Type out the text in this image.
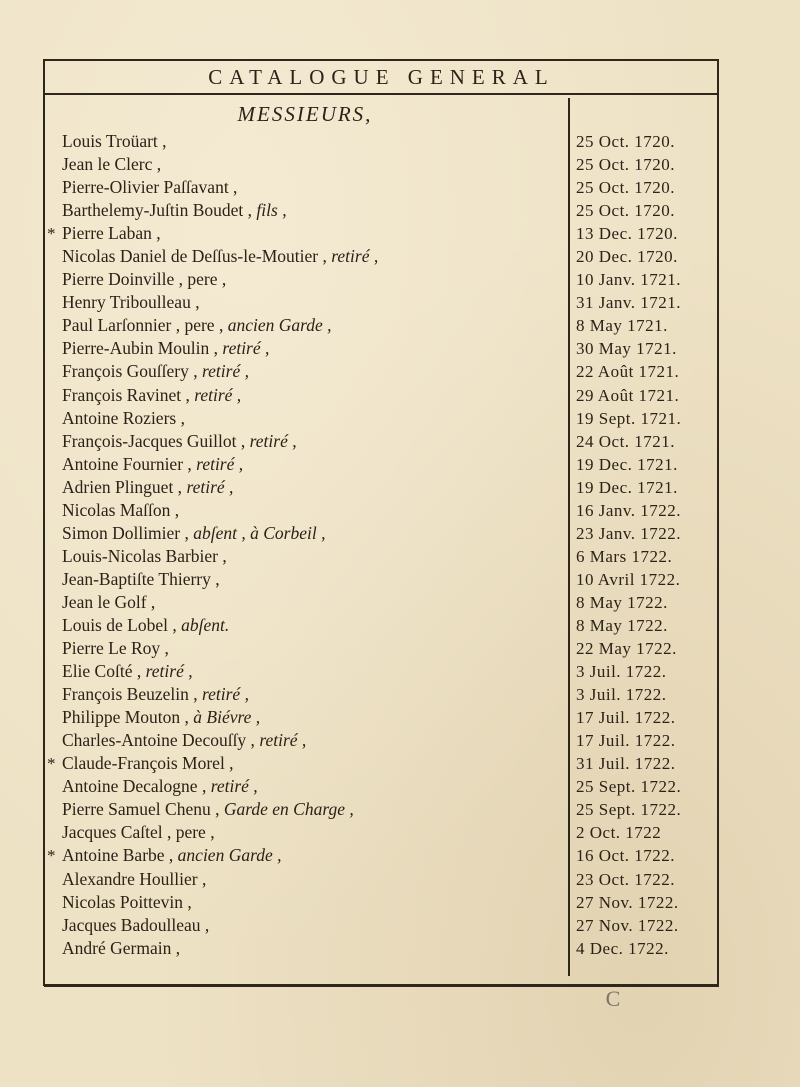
CATALOGUE GENERAL
MESSIEURS,
Louis Troüart ,	25 Oct. 1720.
Jean le Clerc ,	25 Oct. 1720.
Pierre-Olivier Paſſavant ,	25 Oct. 1720.
Barthelemy-Juſtin Boudet , fils ,	25 Oct. 1720.
* Pierre Laban ,	13 Dec. 1720.
Nicolas Daniel de Deſſus-le-Moutier , retiré ,	20 Dec. 1720.
Pierre Doinville , pere ,	10 Janv. 1721.
Henry Triboulleau ,	31 Janv. 1721.
Paul Larſonnier , pere , ancien Garde ,	8 May 1721.
Pierre-Aubin Moulin , retiré ,	30 May 1721.
François Gouſſery , retiré ,	22 Août 1721.
François Ravinet , retiré ,	29 Août 1721.
Antoine Roziers ,	19 Sept. 1721.
François-Jacques Guillot , retiré ,	24 Oct. 1721.
Antoine Fournier , retiré ,	19 Dec. 1721.
Adrien Plinguet , retiré ,	19 Dec. 1721.
Nicolas Maſſon ,	16 Janv. 1722.
Simon Dollimier , abſent , à Corbeil ,	23 Janv. 1722.
Louis-Nicolas Barbier ,	6 Mars 1722.
Jean-Baptiſte Thierry ,	10 Avril 1722.
Jean le Golf ,	8 May 1722.
Louis de Lobel , abſent.	8 May 1722.
Pierre Le Roy ,	22 May 1722.
Elie Coſté , retiré ,	3 Juil. 1722.
François Beuzelin , retiré ,	3 Juil. 1722.
Philippe Mouton , à Biévre ,	17 Juil. 1722.
Charles-Antoine Decouſſy , retiré ,	17 Juil. 1722.
* Claude-François Morel ,	31 Juil. 1722.
Antoine Decalogne , retiré ,	25 Sept. 1722.
Pierre Samuel Chenu , Garde en Charge ,	25 Sept. 1722.
Jacques Caſtel , pere ,	2 Oct. 1722
* Antoine Barbe , ancien Garde ,	16 Oct. 1722.
Alexandre Houllier ,	23 Oct. 1722.
Nicolas Poittevin ,	27 Nov. 1722.
Jacques Badoulleau ,	27 Nov. 1722.
André Germain ,	4 Dec. 1722.
C
